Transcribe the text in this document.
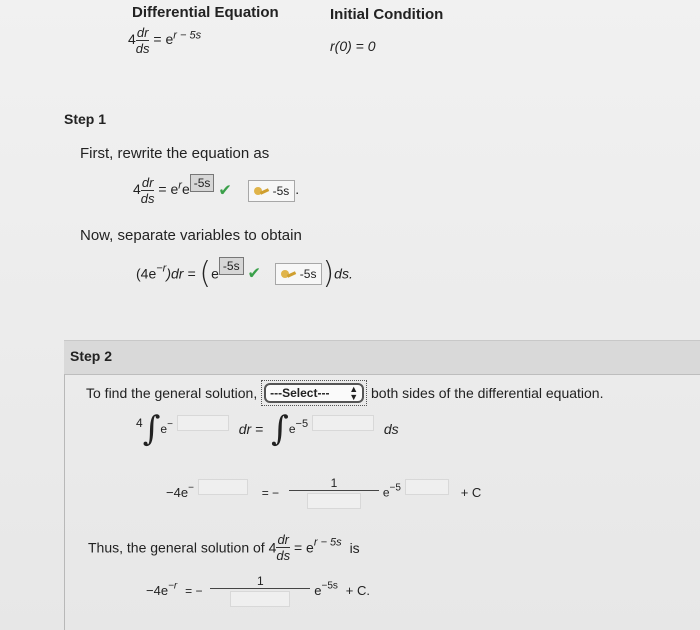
Differential Equation	Initial Condition
$4 \frac{dr}{ds} = e^{r - 5s}$
r(0) = 0
Step 1
First, rewrite the equation as
$4 \frac{dr}{ds} = e^re$ -5s ✔	-5s .
Now, separate variables to obtain
$(4e^{-r})dr = (e$ -5s ✔	-5s )ds.
Step 2
To find the general solution, ---Select--- ▲
▼ both sides of the differential equation.
$^4$∫e−	dr = $\int e^{-5}$	ds
−4e−	= −
1
$e^{-5}$	+ C
Thus, the general solution of $4 \frac{dr}{ds} = e^{r - 5s}$ is
$-4e^{-r}$ = −
1
$e^{-5s} + C$.
